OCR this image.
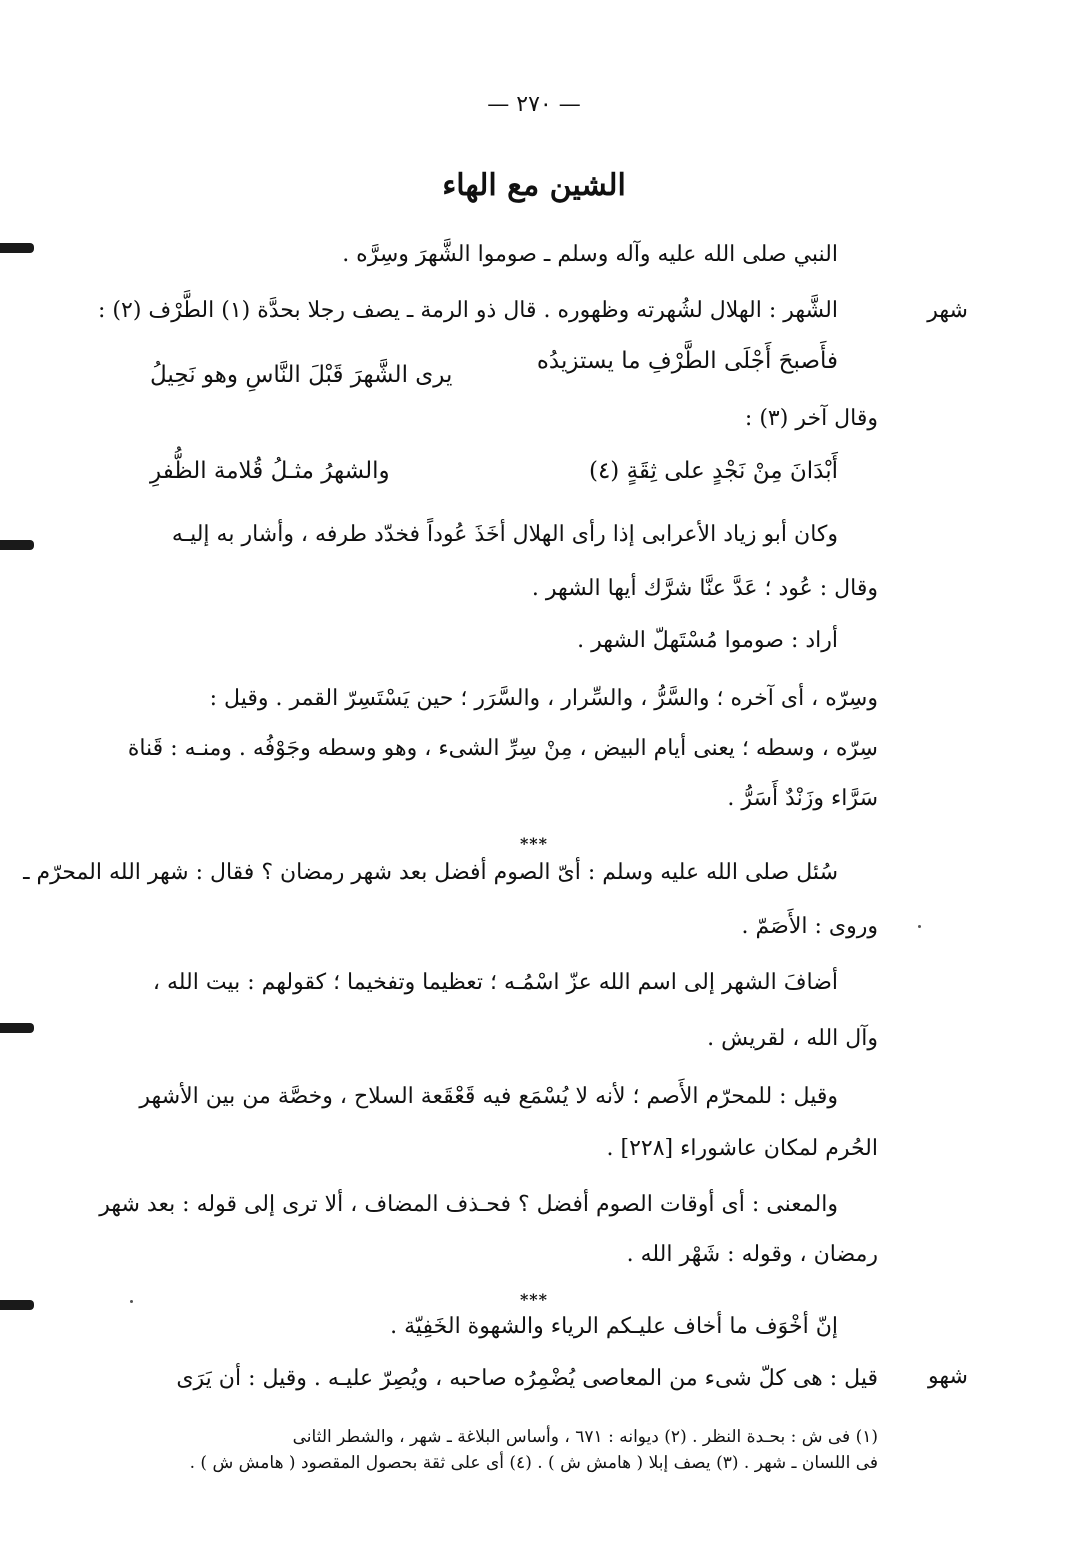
— ٢٧٠ —
الشين مع الهاء
شهر
شهو
النبي صلى الله عليه وآله وسلم ـ صوموا الشَّهرَ وسِرَّه .
الشَّهر : الهلال لشُهرته وظهوره . قال ذو الرمة ـ يصف رجلا بحدَّة (١) الطَّرْف (٢) :
فأَصبحَ أَجْلَى الطَّرْفِ ما يستزيدُه
يرى الشَّهرَ قَبْلَ النَّاسِ وهو نَحِيلُ
وقال آخر (٣) :
أَبْدَانَ مِنْ نَجْدٍ على ثِقَةٍ (٤)
والشهرُ مثـلُ قُلامة الظُّفرِ
وكان أبو زياد الأعرابى إذا رأى الهلال أخَذَ عُوداً فخدّد طرفه ، وأشار به إليـه
وقال : عُود ؛ عَدَّ عنَّا شرَّك أيها الشهر .
أراد : صوموا مُسْتَهلّ الشهر .
وسِرّه ، أى آخره ؛ والسَّرُّ ، والسِّرار ، والسَّرَر ؛ حين يَسْتَسِرّ القمر . وقيل :
سِرّه ، وسطه ؛ يعنى أيام البيض ، مِنْ سِرِّ الشىء ، وهو وسطه وجَوْفُه . ومنـه : قَناة
سَرَّاء وزَنْدٌ أَسَرُّ .
***
سُئل صلى الله عليه وسلم : أىّ الصوم أفضل بعد شهر رمضان ؟ فقال : شهر الله المحرّم ـ
وروى : الأَصَمّ .
أضافَ الشهر إلى اسم الله عزّ اسْمُـه ؛ تعظيما وتفخيما ؛ كقولهم : بيت الله ،
وآل الله ، لقريش .
وقيل : للمحرّم الأَصم ؛ لأنه لا يُسْمَع فيه قَعْقَعة السلاح ، وخصَّة من بين الأشهر
الحُرم لمكان عاشوراء [٢٢٨] .
والمعنى : أى أوقات الصوم أفضل ؟ فحـذف المضاف ، ألا ترى إلى قوله : بعد شهر
رمضان ، وقوله : شَهْر الله .
***
إنّ أخْوَف ما أخاف عليـكم الرياء والشهوة الخَفِيّة .
قيل : هى كلّ شىء من المعاصى يُضْمِرُه صاحبه ، ويُصِرّ عليـه . وقيل : أن يَرَى
(١) فى ش : بحـدة النظر . (٢) ديوانه : ٦٧١ ، وأساس البلاغة ـ شهر ، والشطر الثانى
فى اللسان ـ شهر . (٣) يصف إبلا ( هامش ش ) . (٤) أى على ثقة بحصول المقصود ( هامش ش ) .
